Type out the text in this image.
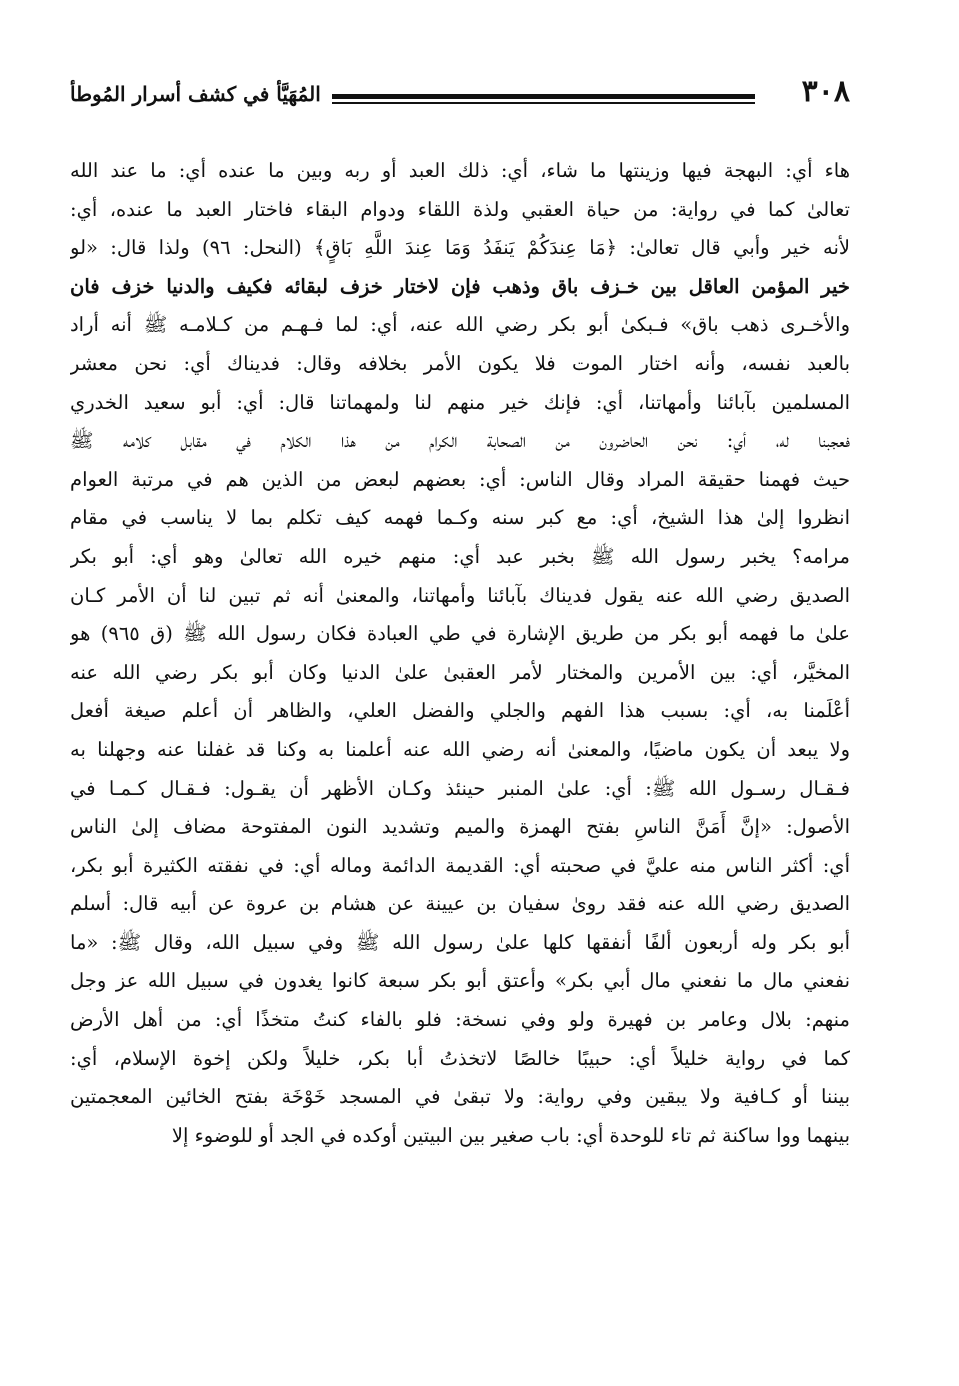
٣٠٨
المُهَيَّأ في كشف أسرار المُوطأ
هاء أي: البهجة فيها وزينتها ما شاء، أي: ذلك العبد أو ربه وبين ما عنده أي: ما عند الله
تعالىٰ كما في رواية: من حياة العقبي ولذة اللقاء ودوام البقاء فاختار العبد ما عنده، أي:
لأنه خير وأبي قال تعالىٰ: ﴿مَا عِندَكُمْ يَنفَدُ وَمَا عِندَ اللَّهِ بَاقٍ﴾ (النحل: ٩٦) ولذا قال: «لو
خير المؤمن العاقل بين خـزف باق وذهب فإن لاختار خزف لبقائه فكيف والدنيا خزف فان
والأخـرى ذهب باق» فـبكىٰ أبو بكر رضي الله عنه، أي: لما فـهـم من كـلامـه ﷺ أنه أراد
بالعبد نفسه، وأنه اختار الموت فلا يكون الأمر بخلافه وقال: فديناك أي: نحن معشر
المسلمين بآبائنا وأمهاتنا، أي: فإنك خير منهم لنا ولمهماتنا قال: أي: أبو سعيد الخدري
فعجبنا له، أي: نحن الحاضرون من الصحابة الكرام من هذا الكلام في مقابل كلامه ﷺ
حيث فهمنا حقيقة المراد وقال الناس: أي: بعضهم لبعض من الذين هم في مرتبة العوام
انظروا إلىٰ هذا الشيخ، أي: مع كبر سنه وكـما فهمه كيف تكلم بما لا يناسب في مقام
مرامه؟ يخبر رسول الله ﷺ بخبر عبد أي: منهم خيره الله تعالىٰ وهو أي: أبو بكر
الصديق رضي الله عنه يقول فديناك بآبائنا وأمهاتنا، والمعنىٰ أنه ثم تبين لنا أن الأمر كـان
علىٰ ما فهمه أبو بكر من طريق الإشارة في طي العبادة فكان رسول الله ﷺ (ق ٩٦٥) هو
المخيَّر، أي: بين الأمرين والمختار لأمر العقبىٰ علىٰ الدنيا وكان أبو بكر رضي الله عنه
أعْلَمنا به، أي: بسبب هذا الفهم والجلي والفضل العلي، والظاهر أن أعلم صيغة أفعل
ولا يبعد أن يكون ماضيًا، والمعنىٰ أنه رضي الله عنه أعلمنا به وكنا قد غفلنا عنه وجهلنا به
فـقـال رسـول الله ﷺ: أي: علىٰ المنبر حينئذ وكـان الأظهر أن يقـول: فـقـال كـمـا في
الأصول: «إنَّ أَمَنَّ الناسِ بفتح الهمزة والميم وتشديد النون المفتوحة مضاف إلىٰ الناس
أي: أكثر الناس منه عليَّ في صحبته أي: القديمة الدائمة وماله أي: في نفقته الكثيرة أبو بكر،
الصديق رضي الله عنه فقد روىٰ سفيان بن عيينة عن هشام بن عروة عن أبيه قال: أسلم
أبو بكر وله أربعون ألفًا أنفقها كلها علىٰ رسول الله ﷺ وفي سبيل الله، وقال ﷺ: «ما
نفعني مال ما نفعني مال أبي بكر» وأعتق أبو بكر سبعة كانوا يغدون في سبيل الله عز وجل
منهم: بلال وعامر بن فهيرة ولو وفي نسخة: فلو بالفاء كنتُ متخذًا أي: من أهل الأرض
كما في رواية خليلاً أي: حبيبًا خالصًا لاتخذتُ أبا بكر، خليلاً ولكن إخوة الإسلام، أي:
بيننا أو كـافية ولا يبقين وفي رواية: ولا تبقىٰ في المسجد خَوْخَة بفتح الخائين المعجمتين
بينهما ووا ساكنة ثم تاء للوحدة أي: باب صغير بين البيتين أوكده في الجد أو للوضوء إلا
